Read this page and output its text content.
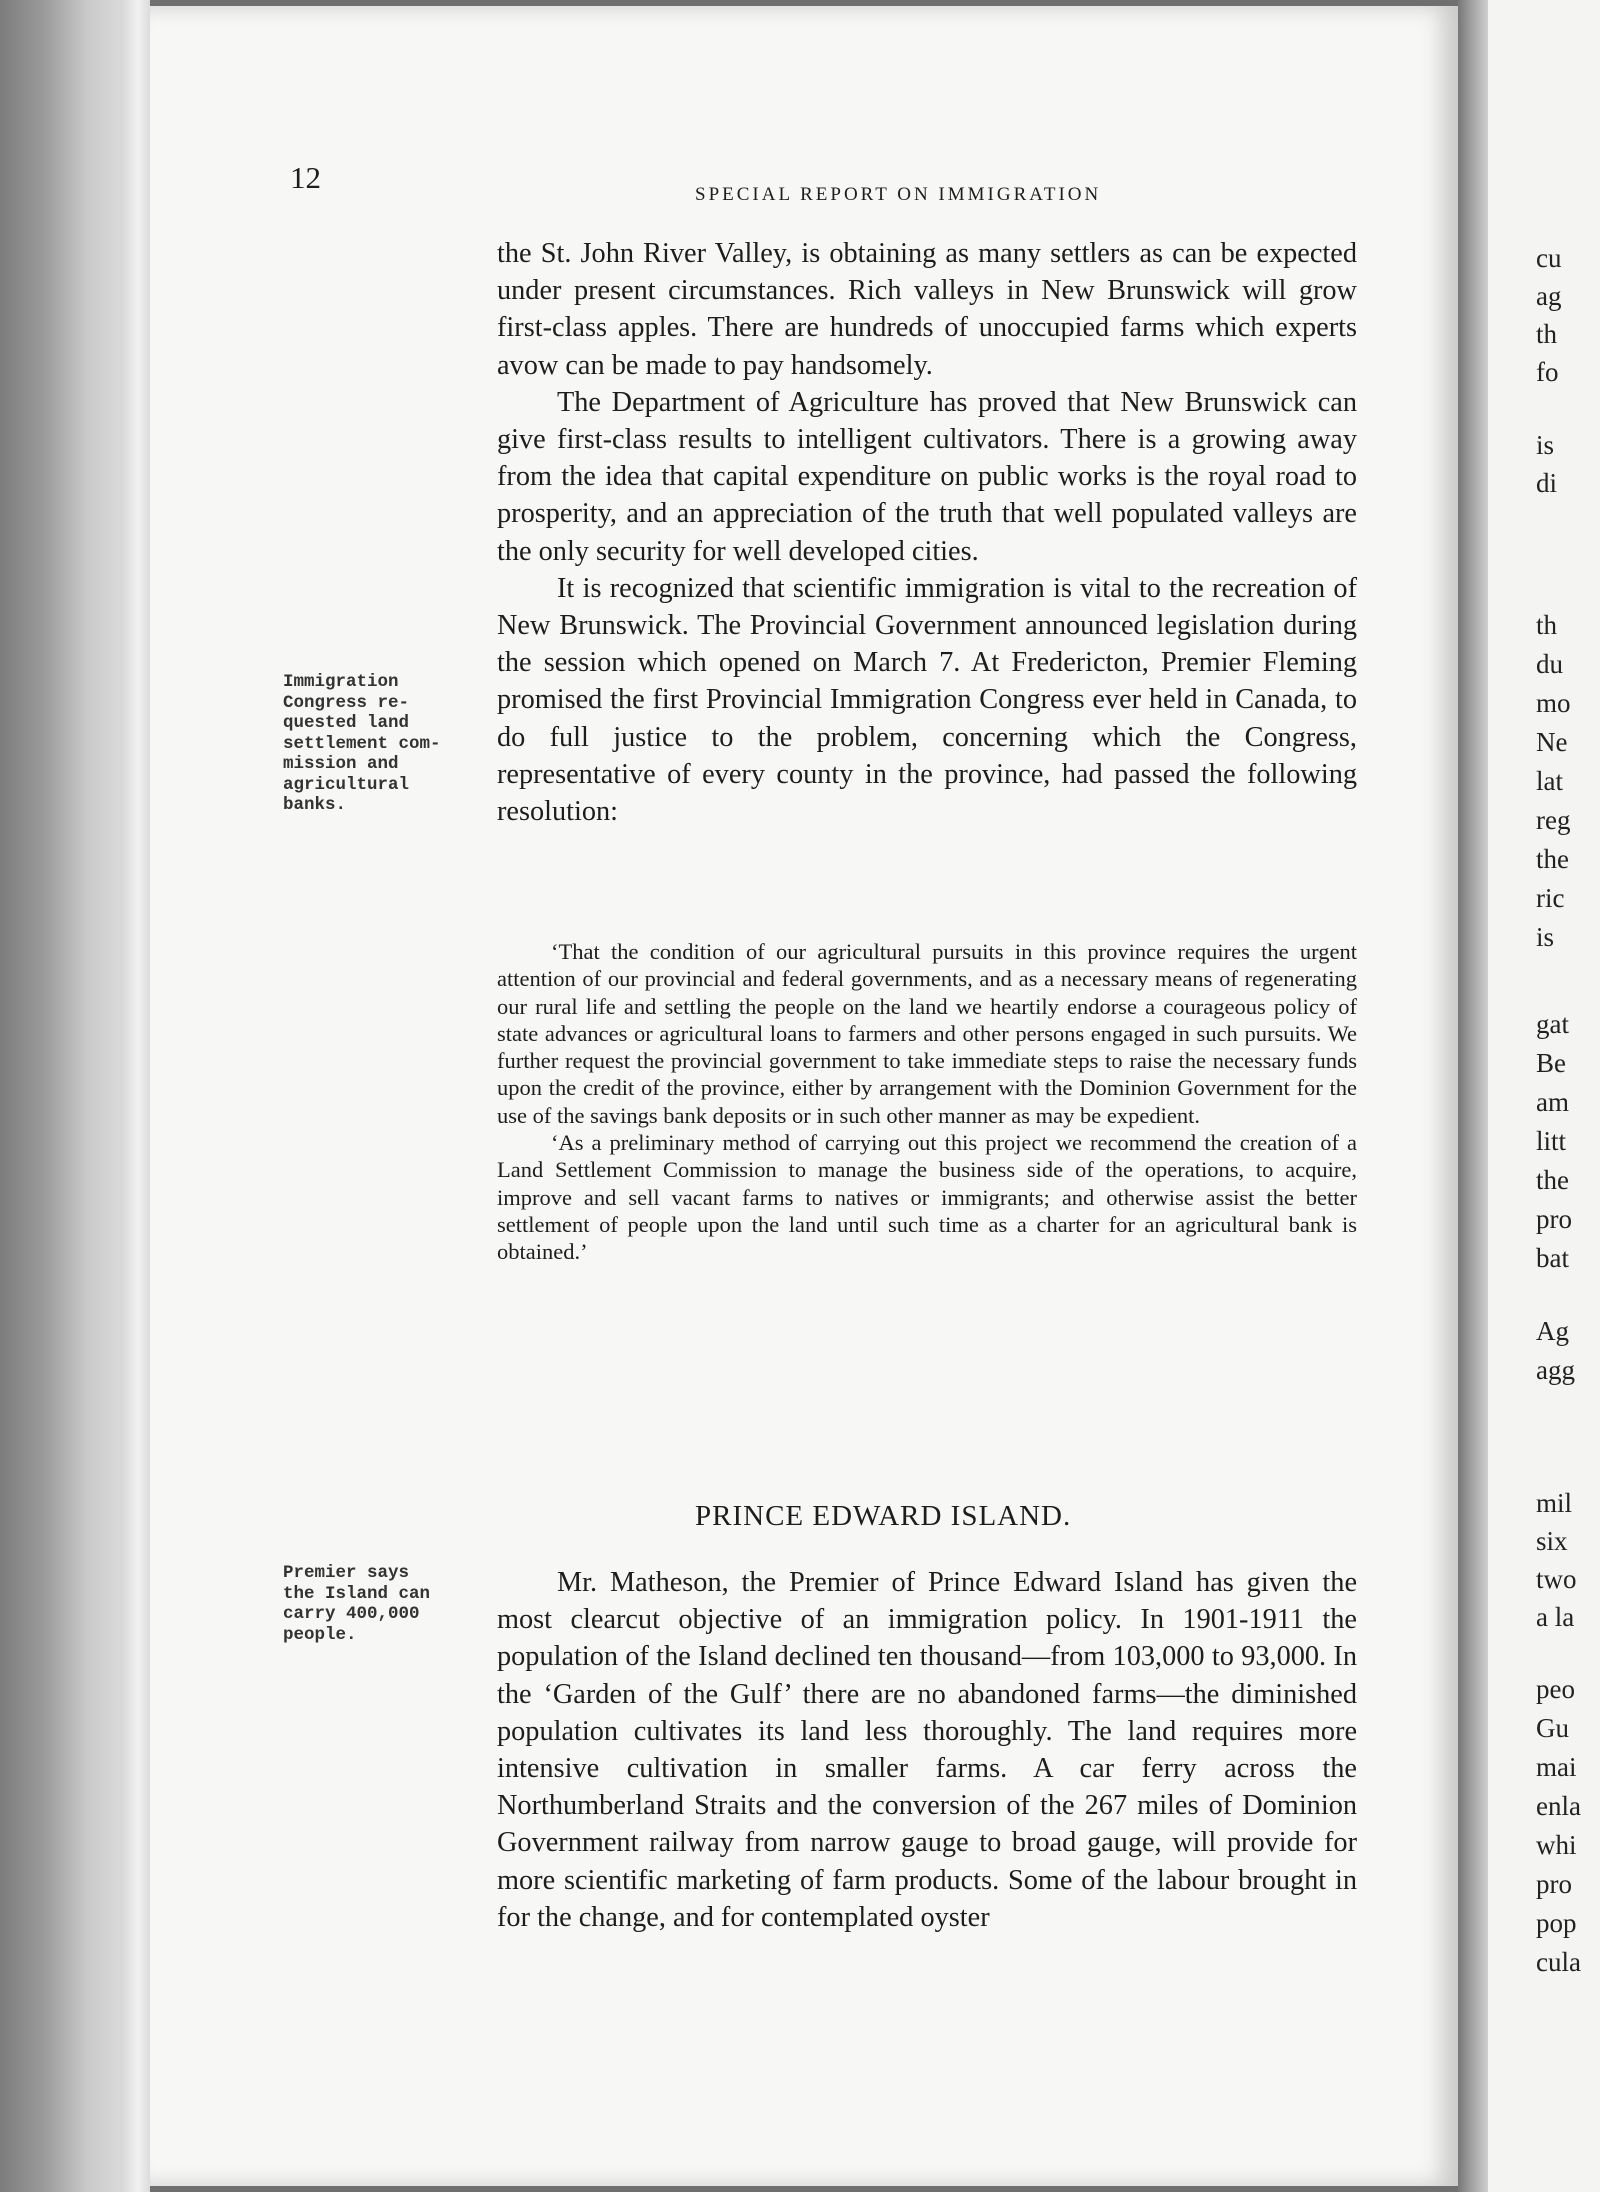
12	SPECIAL REPORT ON IMMIGRATION

the St. John River Valley, is obtaining as many settlers as can be expected under present circumstances. Rich valleys in New Brunswick will grow first-class apples. There are hundreds of unoccupied farms which experts avow can be made to pay handsomely.

The Department of Agriculture has proved that New Brunswick can give first-class results to intelligent cultivators. There is a growing away from the idea that capital expenditure on public works is the royal road to prosperity, and an appreciation of the truth that well populated valleys are the only security for well developed cities.

It is recognized that scientific immigration is vital to the recreation of New Brunswick. The Provincial Government announced legislation during the session which opened on March 7. At Fredericton, Premier Fleming promised the first Provincial Immigration Congress ever held in Canada, to do full justice to the problem, concerning which the Congress, representative of every county in the province, had passed the following resolution:

‘That the condition of our agricultural pursuits in this province requires the urgent attention of our provincial and federal governments, and as a necessary means of regenerating our rural life and settling the people on the land we heartily endorse a courageous policy of state advances or agricultural loans to farmers and other persons engaged in such pursuits. We further request the provincial government to take immediate steps to raise the necessary funds upon the credit of the province, either by arrangement with the Dominion Government for the use of the savings bank deposits or in such other manner as may be expedient.

‘As a preliminary method of carrying out this project we recommend the creation of a Land Settlement Commission to manage the business side of the operations, to acquire, improve and sell vacant farms to natives or immigrants; and otherwise assist the better settlement of people upon the land until such time as a charter for an agricultural bank is obtained.’

Immigration
Congress re-
quested land
settlement com-
mission and
agricultural
banks.
Premier says
the Island can
carry 400,000
people.
PRINCE EDWARD ISLAND.

Mr. Matheson, the Premier of Prince Edward Island has given the most clearcut objective of an immigration policy. In 1901-1911 the population of the Island declined ten thousand—from 103,000 to 93,000. In the ‘Garden of the Gulf’ there are no abandoned farms—the diminished population cultivates its land less thoroughly. The land requires more intensive cultivation in smaller farms. A car ferry across the Northumberland Straits and the conversion of the 267 miles of Dominion Government railway from narrow gauge to broad gauge, will provide for more scientific marketing of farm products. Some of the labour brought in for the change, and for contemplated oyster

cu
ag
th
fo
is
di
th
du
mo
Ne
lat
reg
the
ric
is
gat
Be
am
litt
the
pro
bat
Ag
agg
mil
six
two
a la
peo
Gu
mai
enla
whi
pro
pop
cula
